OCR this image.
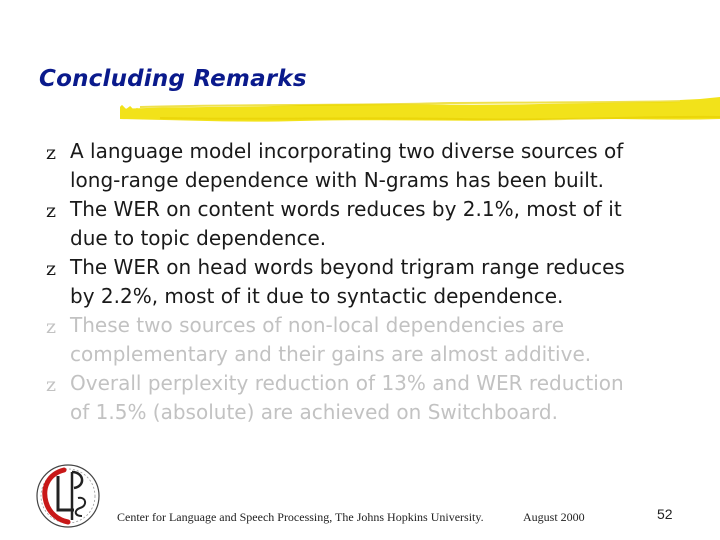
Concluding Remarks
z A language model incorporating two diverse sources of
long-range dependence with N-grams has been built.
z The WER on content words reduces by 2.1%, most of it
due to topic dependence.
z The WER on head words beyond trigram range reduces
by 2.2%, most of it due to syntactic dependence.
z These two sources of non-local dependencies are
complementary and their gains are almost additive.
z Overall perplexity reduction of 13% and WER reduction
of 1.5% (absolute) are achieved on Switchboard.
Center for Language and Speech Processing, The Johns Hopkins University.	August 2000	52
